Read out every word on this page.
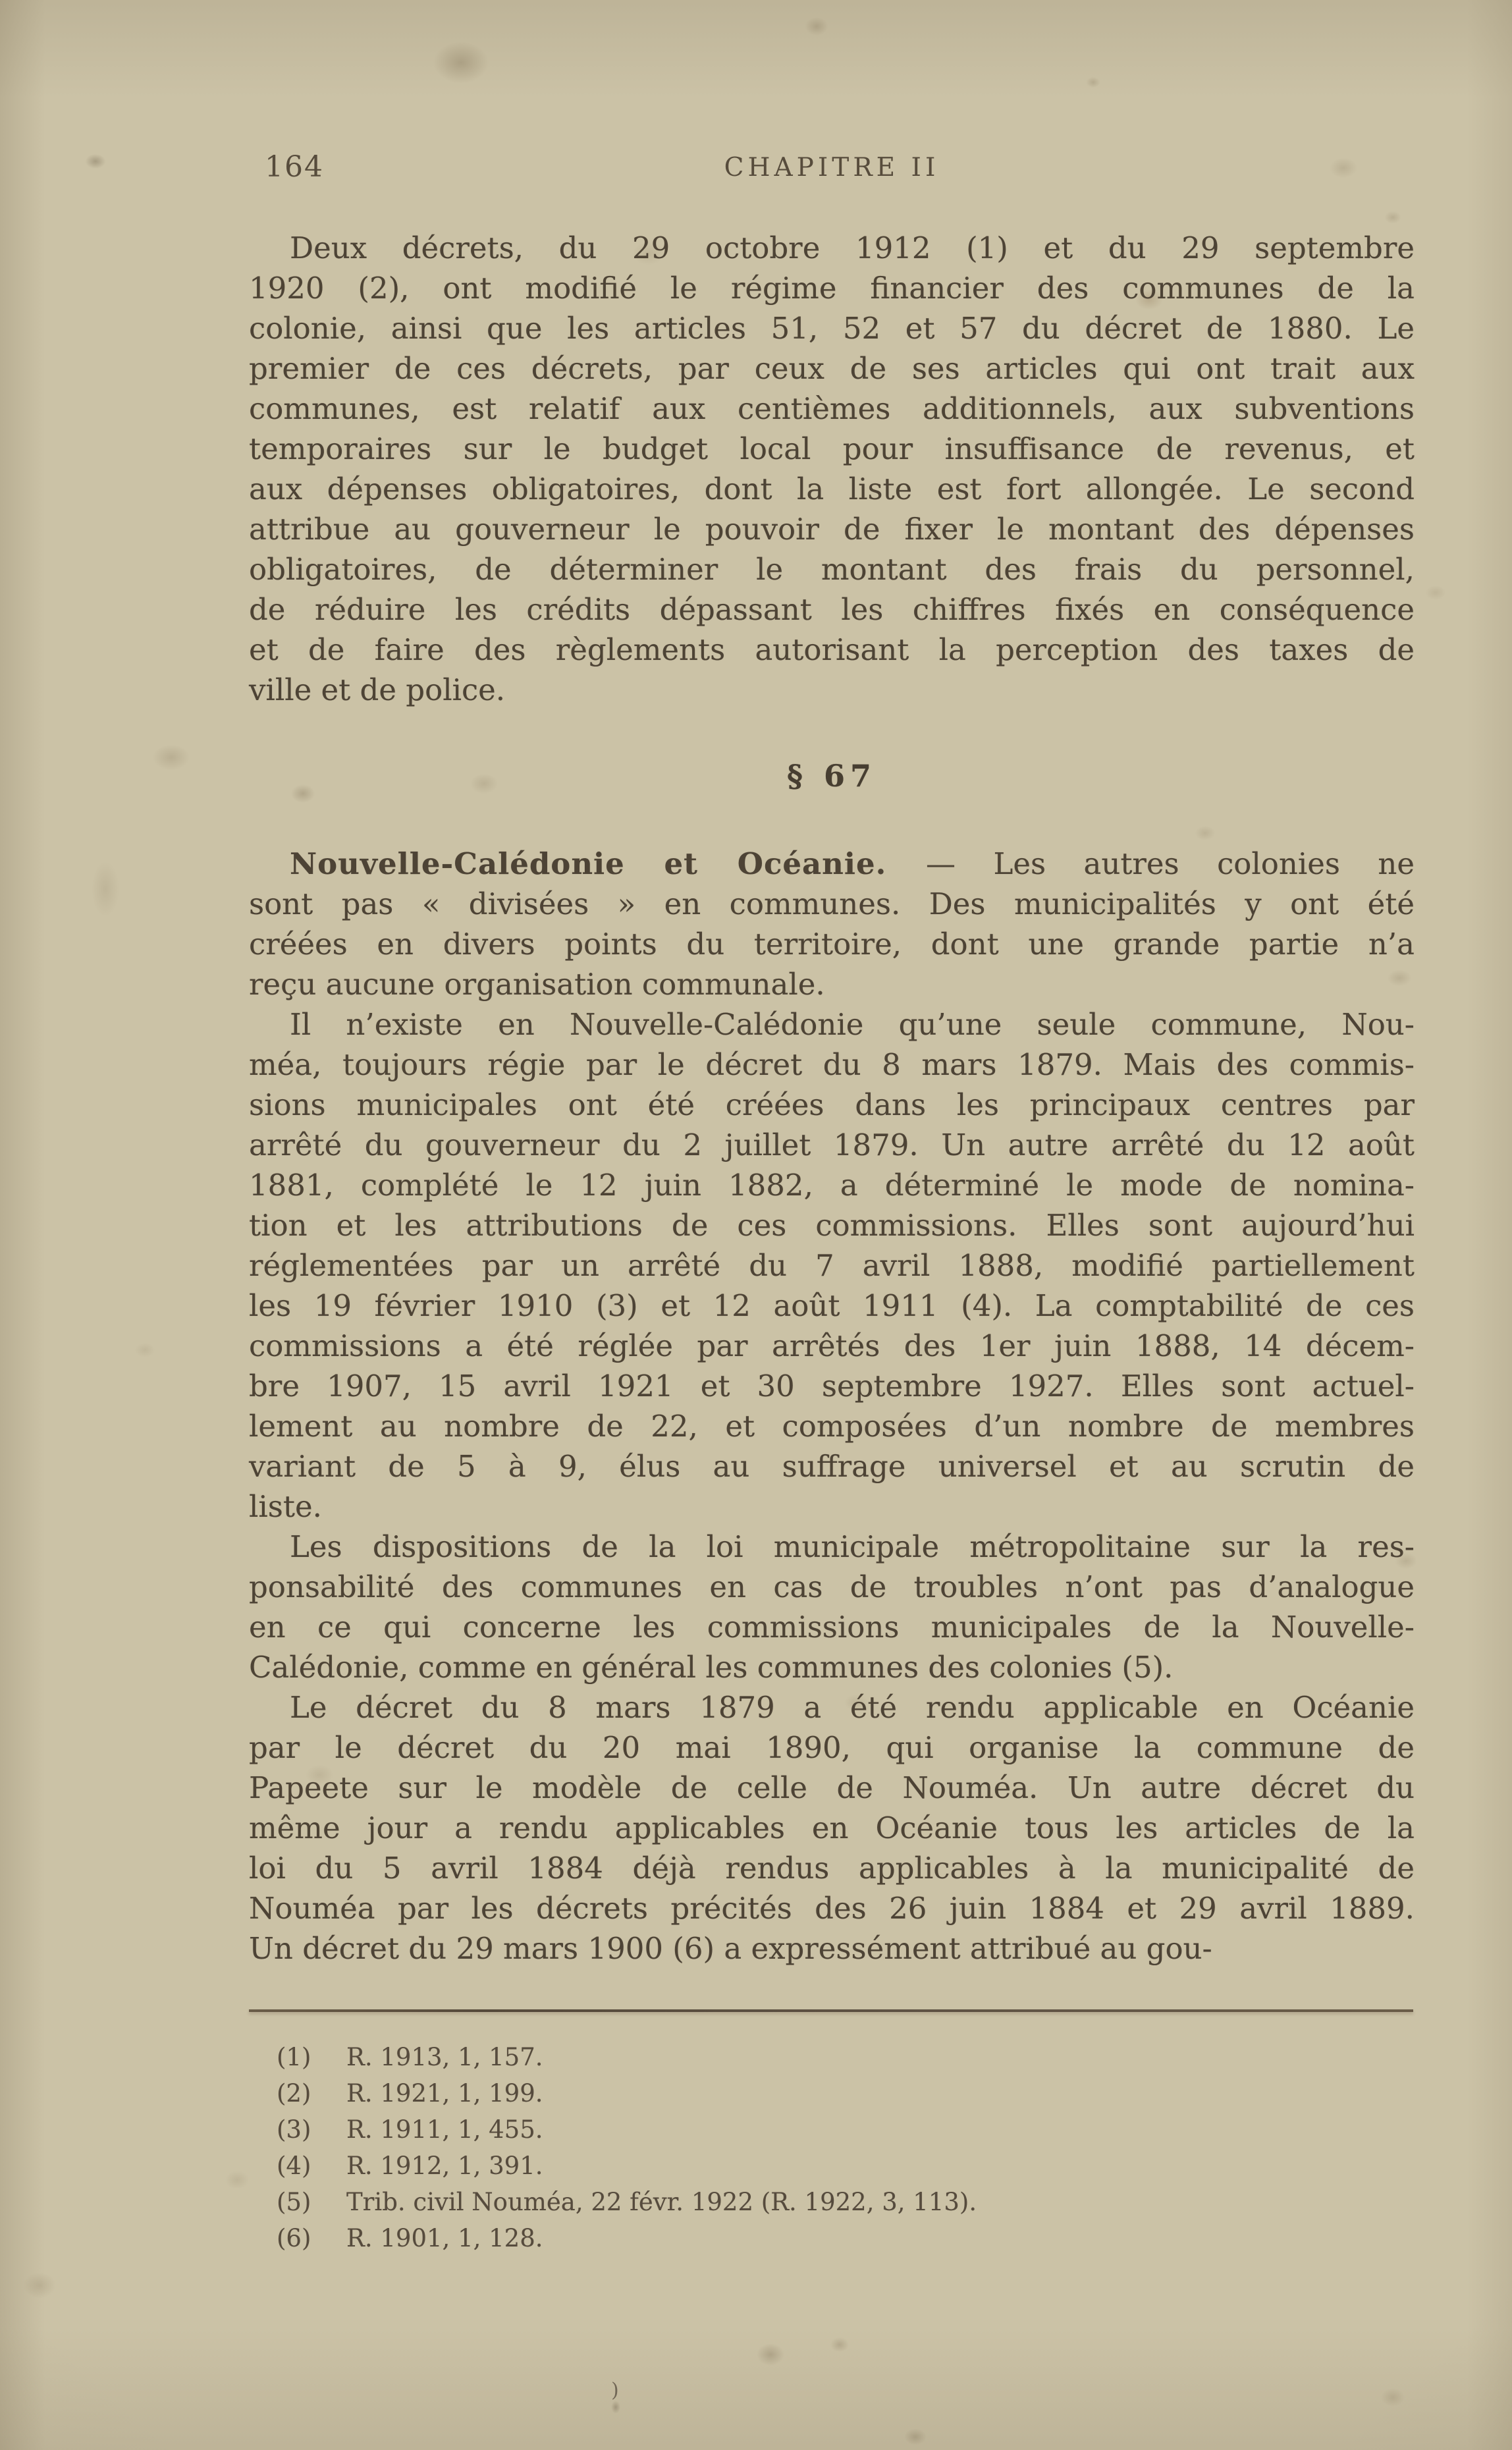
164	CHAPITRE II
Deux décrets, du 29 octobre 1912 (1) et du 29 septembre
1920 (2), ont modifié le régime financier des communes de la
colonie, ainsi que les articles 51, 52 et 57 du décret de 1880. Le
premier de ces décrets, par ceux de ses articles qui ont trait aux
communes, est relatif aux centièmes additionnels, aux subventions
temporaires sur le budget local pour insuffisance de revenus, et
aux dépenses obligatoires, dont la liste est fort allongée. Le second
attribue au gouverneur le pouvoir de fixer le montant des dépenses
obligatoires, de déterminer le montant des frais du personnel,
de réduire les crédits dépassant les chiffres fixés en conséquence
et de faire des règlements autorisant la perception des taxes de
ville et de police.
§ 67
Nouvelle-Calédonie et Océanie. — Les autres colonies ne
sont pas « divisées » en communes. Des municipalités y ont été
créées en divers points du territoire, dont une grande partie n’a
reçu aucune organisation communale.
Il n’existe en Nouvelle-Calédonie qu’une seule commune, Nou-
méa, toujours régie par le décret du 8 mars 1879. Mais des commis-
sions municipales ont été créées dans les principaux centres par
arrêté du gouverneur du 2 juillet 1879. Un autre arrêté du 12 août
1881, complété le 12 juin 1882, a déterminé le mode de nomina-
tion et les attributions de ces commissions. Elles sont aujourd’hui
réglementées par un arrêté du 7 avril 1888, modifié partiellement
les 19 février 1910 (3) et 12 août 1911 (4). La comptabilité de ces
commissions a été réglée par arrêtés des 1er juin 1888, 14 décem-
bre 1907, 15 avril 1921 et 30 septembre 1927. Elles sont actuel-
lement au nombre de 22, et composées d’un nombre de membres
variant de 5 à 9, élus au suffrage universel et au scrutin de
liste.
Les dispositions de la loi municipale métropolitaine sur la res-
ponsabilité des communes en cas de troubles n’ont pas d’analogue
en ce qui concerne les commissions municipales de la Nouvelle-
Calédonie, comme en général les communes des colonies (5).
Le décret du 8 mars 1879 a été rendu applicable en Océanie
par le décret du 20 mai 1890, qui organise la commune de
Papeete sur le modèle de celle de Nouméa. Un autre décret du
même jour a rendu applicables en Océanie tous les articles de la
loi du 5 avril 1884 déjà rendus applicables à la municipalité de
Nouméa par les décrets précités des 26 juin 1884 et 29 avril 1889.
Un décret du 29 mars 1900 (6) a expressément attribué au gou-
(1) R. 1913, 1, 157.
(2) R. 1921, 1, 199.
(3) R. 1911, 1, 455.
(4) R. 1912, 1, 391.
(5) Trib. civil Nouméa, 22 févr. 1922 (R. 1922, 3, 113).
(6) R. 1901, 1, 128.
)
